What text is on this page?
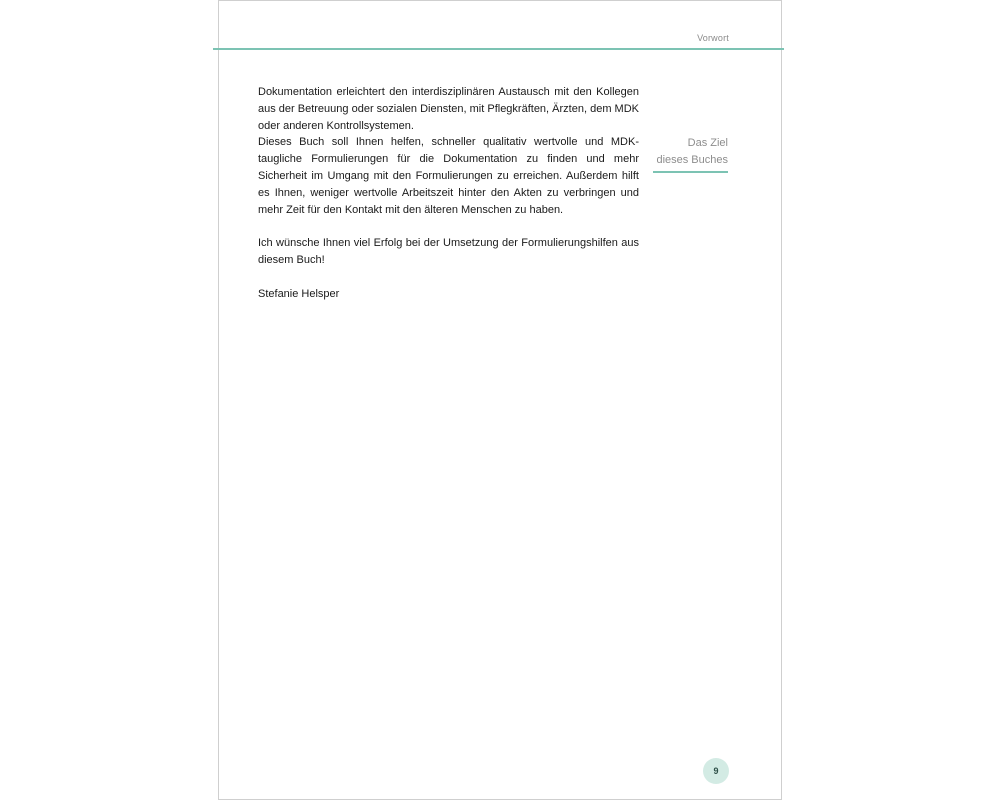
Vorwort

Dokumentation erleichtert den interdisziplinären Austausch mit den Kollegen aus der Betreuung oder sozialen Diensten, mit Pflegkräften, Ärzten, dem MDK oder anderen Kontrollsystemen.

Dieses Buch soll Ihnen helfen, schneller qualitativ wertvolle und MDK-taugliche Formulierungen für die Dokumentation zu finden und mehr Sicherheit im Umgang mit den Formulierungen zu erreichen. Außerdem hilft es Ihnen, weniger wertvolle Arbeitszeit hinter den Akten zu verbringen und mehr Zeit für den Kontakt mit den älteren Menschen zu haben.

Ich wünsche Ihnen viel Erfolg bei der Umsetzung der Formulierungshilfen aus diesem Buch!

Stefanie Helsper

Das Ziel dieses Buches
9
